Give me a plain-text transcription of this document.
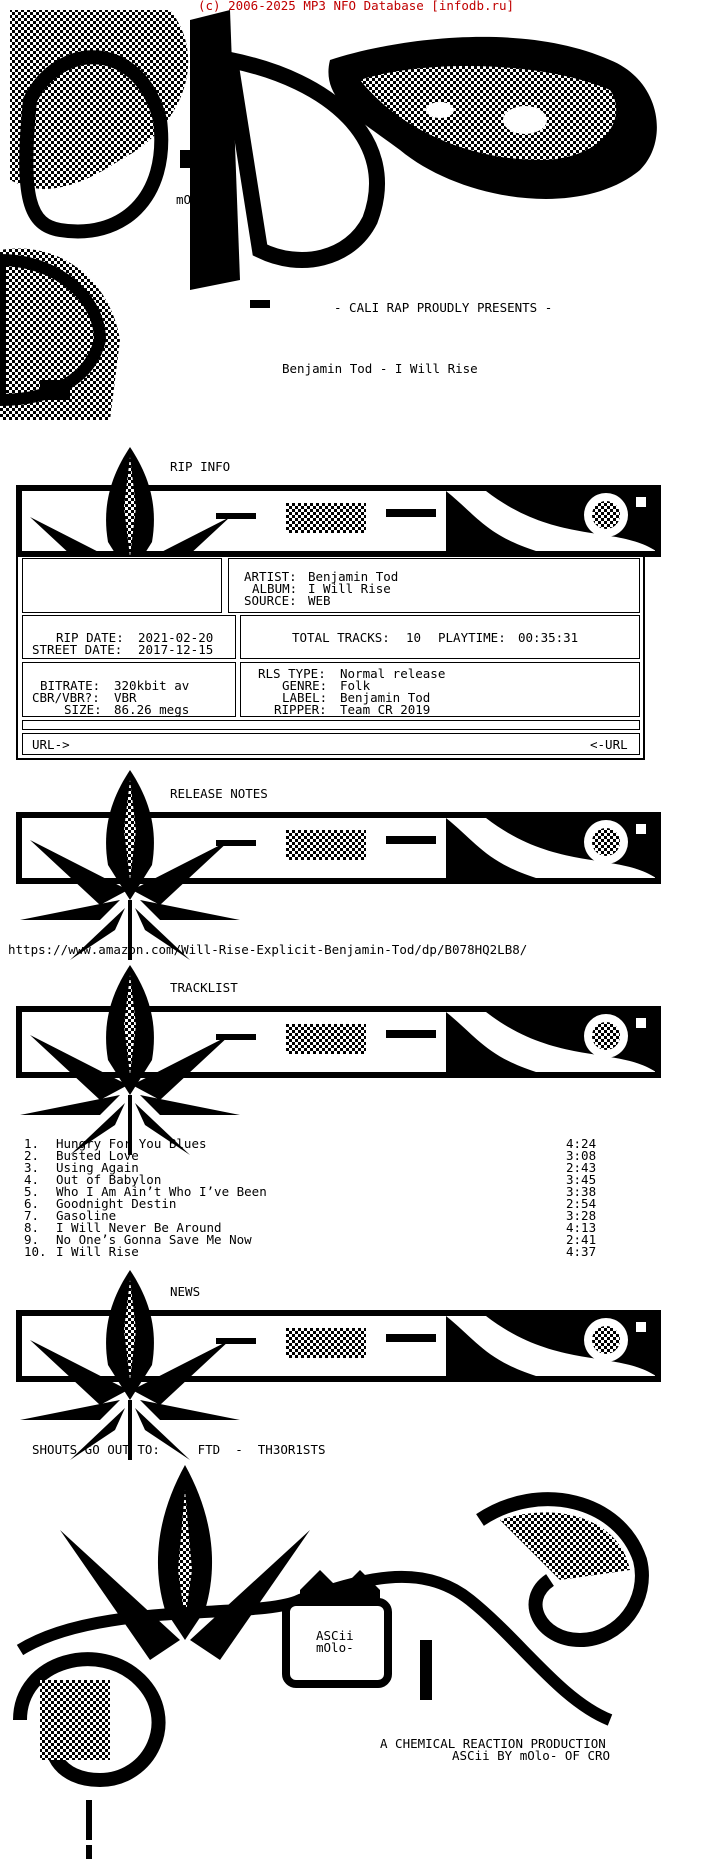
(c) 2006-2025 MP3 NFO Database [infodb.ru]
mOlo/CRO
- CALI RAP PROUDLY PRESENTS -
Benjamin Tod - I Will Rise
RIP INFO
ARTIST: Benjamin Tod
ALBUM: I Will Rise
SOURCE: WEB
RIP DATE: 2021-02-20
STREET DATE: 2017-12-15
TOTAL TRACKS: 10 PLAYTIME: 00:35:31
BITRATE: 320kbit av
CBR/VBR?: VBR
SIZE: 86.26 megs
RLS TYPE: Normal release
GENRE: Folk
LABEL: Benjamin Tod
RIPPER: Team CR 2019
URL->	<-URL
RELEASE NOTES
https://www.amazon.com/Will-Rise-Explicit-Benjamin-Tod/dp/B078HQ2LB8/
TRACKLIST
1. Hungry For You Blues	4:24
2. Busted Love	3:08
3. Using Again	2:43
4. Out of Babylon	3:45
5. Who I Am Ain’t Who I’ve Been	3:38
6. Goodnight Destin	2:54
7. Gasoline	3:28
8. I Will Never Be Around	4:13
9. No One’s Gonna Save Me Now	2:41
10. I Will Rise	4:37
NEWS
SHOUTS GO OUT TO:     FTD  -  TH3OR1STS
ASCii
mOlo-
A CHEMICAL REACTION PRODUCTION
ASCii BY mOlo- OF CRO
